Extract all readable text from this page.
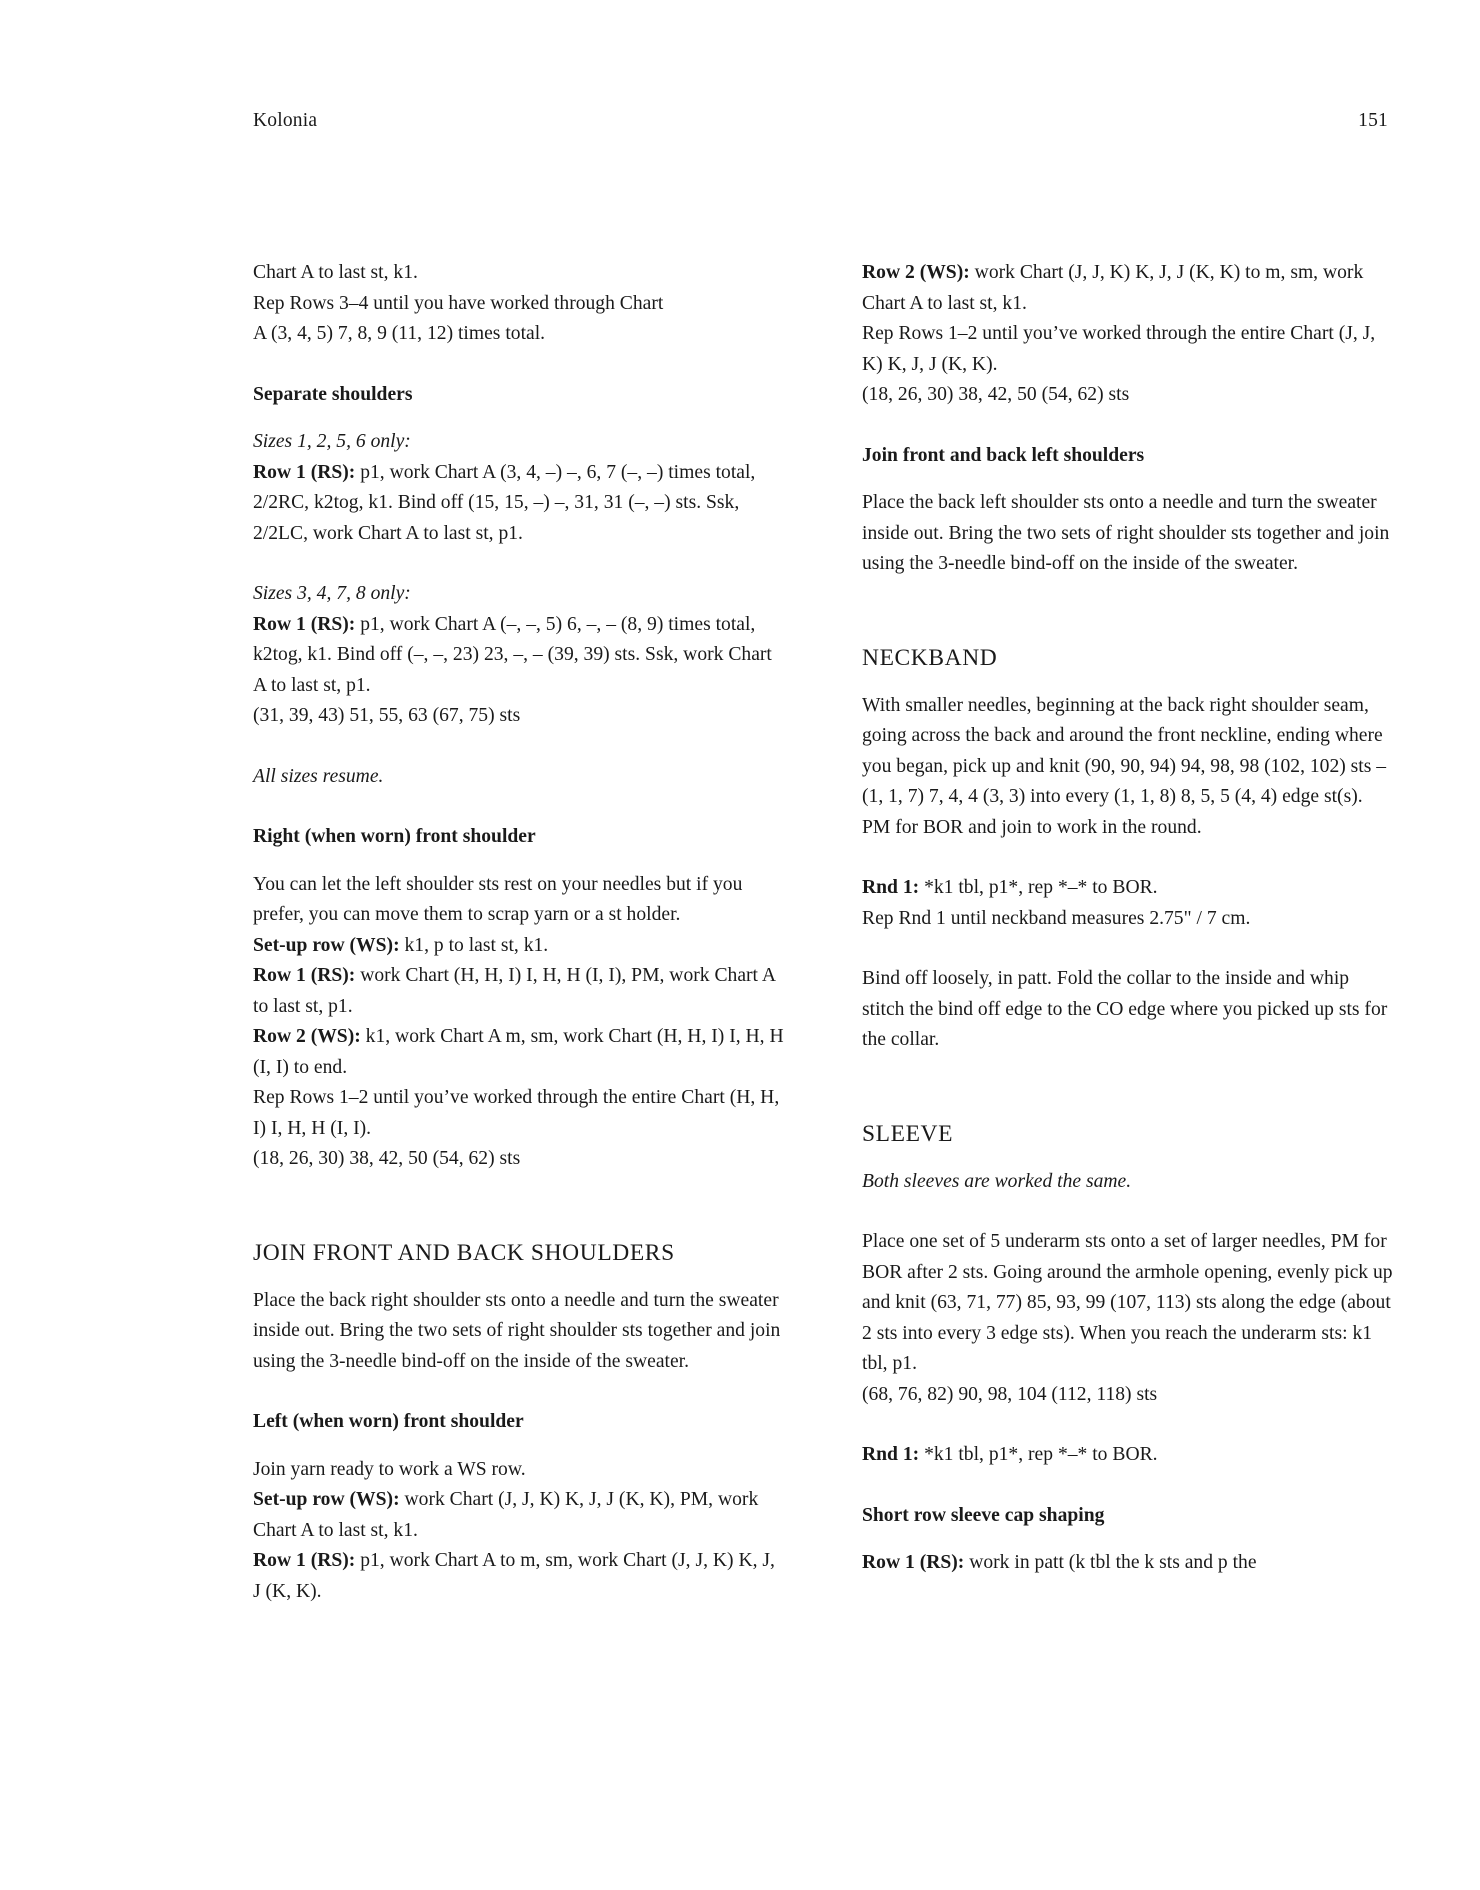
Kolonia	151

Chart A to last st, k1.

Rep Rows 3–4 until you have worked through Chart

A (3, 4, 5) 7, 8, 9 (11, 12) times total.

Separate shoulders

Sizes 1, 2, 5, 6 only:

Row 1 (RS): p1, work Chart A (3, 4, –) –, 6, 7 (–, –) times total, 2/2RC, k2tog, k1. Bind off (15, 15, –) –, 31, 31 (–, –) sts. Ssk, 2/2LC, work Chart A to last st, p1.

Sizes 3, 4, 7, 8 only:

Row 1 (RS): p1, work Chart A (–, –, 5) 6, –, – (8, 9) times total, k2tog, k1. Bind off (–, –, 23) 23, –, – (39, 39) sts. Ssk, work Chart A to last st, p1.

(31, 39, 43) 51, 55, 63 (67, 75) sts

All sizes resume.

Right (when worn) front shoulder

You can let the left shoulder sts rest on your needles but if you prefer, you can move them to scrap yarn or a st holder.

Set-up row (WS): k1, p to last st, k1.

Row 1 (RS): work Chart (H, H, I) I, H, H (I, I), PM, work Chart A to last st, p1.

Row 2 (WS): k1, work Chart A m, sm, work Chart (H, H, I) I, H, H (I, I) to end.

Rep Rows 1–2 until you’ve worked through the entire Chart (H, H, I) I, H, H (I, I).

(18, 26, 30) 38, 42, 50 (54, 62) sts

JOIN FRONT AND BACK SHOULDERS

Place the back right shoulder sts onto a needle and turn the sweater inside out. Bring the two sets of right shoulder sts together and join using the 3-needle bind-off on the inside of the sweater.

Left (when worn) front shoulder

Join yarn ready to work a WS row.

Set-up row (WS): work Chart (J, J, K) K, J, J (K, K), PM, work Chart A to last st, k1.

Row 1 (RS): p1, work Chart A to m, sm, work Chart (J, J, K) K, J, J (K, K).

Row 2 (WS): work Chart (J, J, K) K, J, J (K, K) to m, sm, work Chart A to last st, k1.

Rep Rows 1–2 until you’ve worked through the entire Chart (J, J, K) K, J, J (K, K).

(18, 26, 30) 38, 42, 50 (54, 62) sts

Join front and back left shoulders

Place the back left shoulder sts onto a needle and turn the sweater inside out. Bring the two sets of right shoulder sts together and join using the 3-needle bind-off on the inside of the sweater.

NECKBAND

With smaller needles, beginning at the back right shoulder seam, going across the back and around the front neckline, ending where you began, pick up and knit (90, 90, 94) 94, 98, 98 (102, 102) sts – (1, 1, 7) 7, 4, 4 (3, 3) into every (1, 1, 8) 8, 5, 5 (4, 4) edge st(s). PM for BOR and join to work in the round.

Rnd 1: *k1 tbl, p1*, rep *–* to BOR.

Rep Rnd 1 until neckband measures 2.75" / 7 cm.

Bind off loosely, in patt. Fold the collar to the inside and whip stitch the bind off edge to the CO edge where you picked up sts for the collar.

SLEEVE

Both sleeves are worked the same.

Place one set of 5 underarm sts onto a set of larger needles, PM for BOR after 2 sts. Going around the armhole opening, evenly pick up and knit (63, 71, 77) 85, 93, 99 (107, 113) sts along the edge (about 2 sts into every 3 edge sts). When you reach the underarm sts: k1 tbl, p1.

(68, 76, 82) 90, 98, 104 (112, 118) sts

Rnd 1: *k1 tbl, p1*, rep *–* to BOR.

Short row sleeve cap shaping

Row 1 (RS): work in patt (k tbl the k sts and p the
